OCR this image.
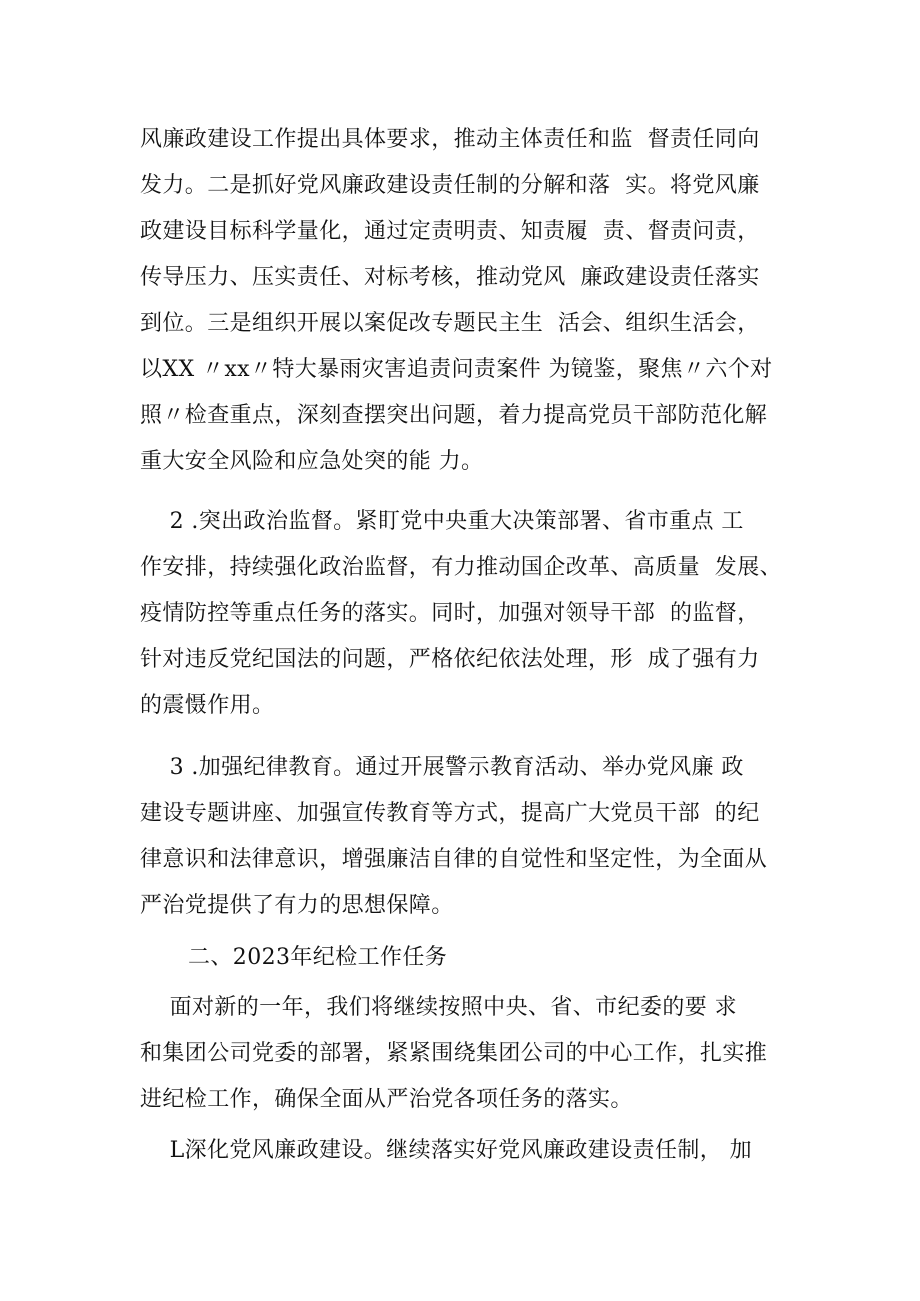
风廉政建设工作提出具体要求，推动主体责任和监  督责任同向
发力。二是抓好党风廉政建设责任制的分解和落  实。将党风廉
政建设目标科学量化，通过定责明责、知责履  责、督责问责，
传导压力、压实责任、对标考核，推动党风  廉政建设责任落实
到位。三是组织开展以案促改专题民主生  活会、组织生活会，
以XX 〃xx〃特大暴雨灾害追责问责案件 为镜鉴，聚焦〃六个对
照〃检查重点，深刻查摆突出问题，着力提高党员干部防范化解
重大安全风险和应急处突的能 力。
2 .突出政治监督。紧盯党中央重大决策部署、省市重点 工
作安排，持续强化政治监督，有力推动国企改革、高质量  发展、
疫情防控等重点任务的落实。同时，加强对领导干部  的监督，
针对违反党纪国法的问题，严格依纪依法处理，形  成了强有力
的震慑作用。
3 .加强纪律教育。通过开展警示教育活动、举办党风廉 政
建设专题讲座、加强宣传教育等方式，提高广大党员干部  的纪
律意识和法律意识，增强廉洁自律的自觉性和坚定性，为全面从
严治党提供了有力的思想保障。
二、2023年纪检工作任务
面对新的一年，我们将继续按照中央、省、市纪委的要 求
和集团公司党委的部署，紧紧围绕集团公司的中心工作，扎实推
进纪检工作，确保全面从严治党各项任务的落实。
L深化党风廉政建设。继续落实好党风廉政建设责任制， 加
